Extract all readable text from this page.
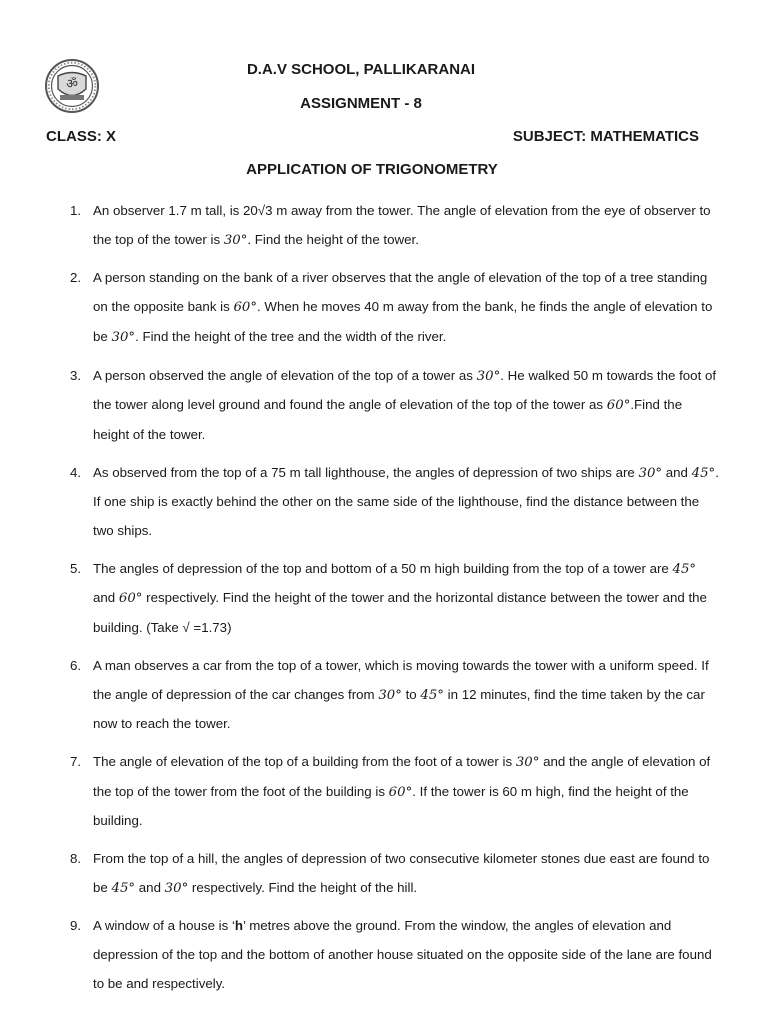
ॐ
D.A.V SCHOOL, PALLIKARANAI
ASSIGNMENT - 8
CLASS: X	SUBJECT: MATHEMATICS
APPLICATION OF TRIGONOMETRY
1. An observer 1.7 m tall, is 20√3 m away from the tower. The angle of elevation from the eye of observer to the top of the tower is 30°. Find the height of the tower.
2. A person standing on the bank of a river observes that the angle of elevation of the top of a tree standing on the opposite bank is 60°. When he moves 40 m away from the bank, he finds the angle of elevation to be 30°. Find the height of the tree and the width of the river.
3. A person observed the angle of elevation of the top of a tower as 30°. He walked 50 m towards the foot of the tower along level ground and found the angle of elevation of the top of the tower as 60°.Find the height of the tower.
4. As observed from the top of a 75 m tall lighthouse, the angles of depression of two ships are 30° and 45°. If one ship is exactly behind the other on the same side of the lighthouse, find the distance between the two ships.
5. The angles of depression of the top and bottom of a 50 m high building from the top of a tower are 45° and 60° respectively. Find the height of the tower and the horizontal distance between the tower and the building. (Take √ =1.73)
6. A man observes a car from the top of a tower, which is moving towards the tower with a uniform speed. If the angle of depression of the car changes from 30° to 45° in 12 minutes, find the time taken by the car now to reach the tower.
7. The angle of elevation of the top of a building from the foot of a tower is 30° and the angle of elevation of the top of the tower from the foot of the building is 60°. If the tower is 60 m high, find the height of the building.
8. From the top of a hill, the angles of depression of two consecutive kilometer stones due east are found to be 45° and 30° respectively. Find the height of the hill.
9. A window of a house is ‘h’ metres above the ground. From the window, the angles of elevation and depression of the top and the bottom of another house situated on the opposite side of the lane are found to be and respectively.
